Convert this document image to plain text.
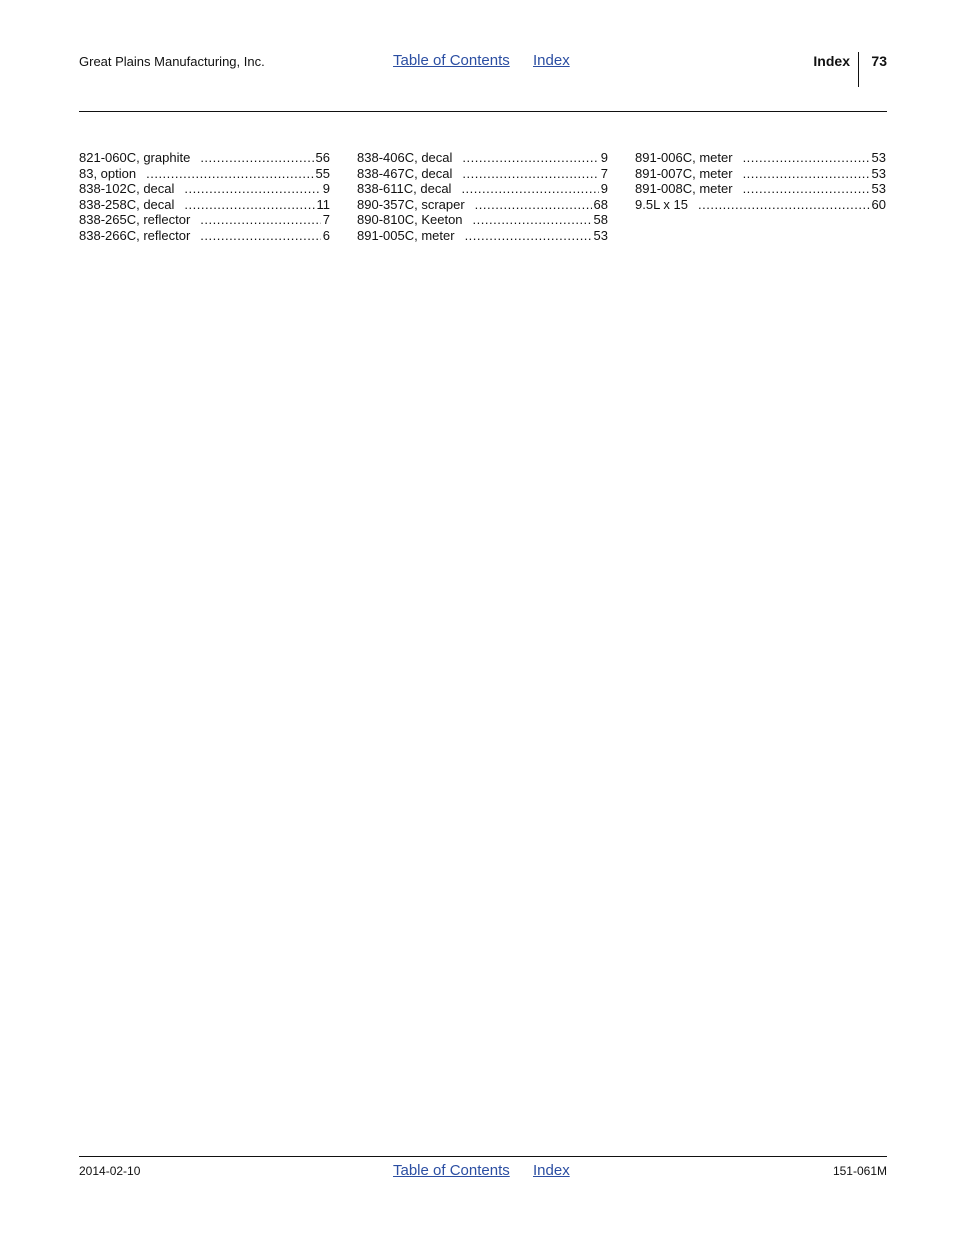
Great Plains Manufacturing, Inc.	Table of Contents Index	Index 73
821-060C, graphite .....	56
83, option .....	55
838-102C, decal .....	9
838-258C, decal .....	11
838-265C, reflector .....	7
838-266C, reflector .....	6
838-406C, decal .....	9
838-467C, decal .....	7
838-611C, decal .....	9
890-357C, scraper .....	68
890-810C, Keeton .....	58
891-005C, meter .....	53
891-006C, meter .....	53
891-007C, meter .....	53
891-008C, meter .....	53
9.5L x 15 .....	60
2014-02-10	Table of Contents Index	151-061M
